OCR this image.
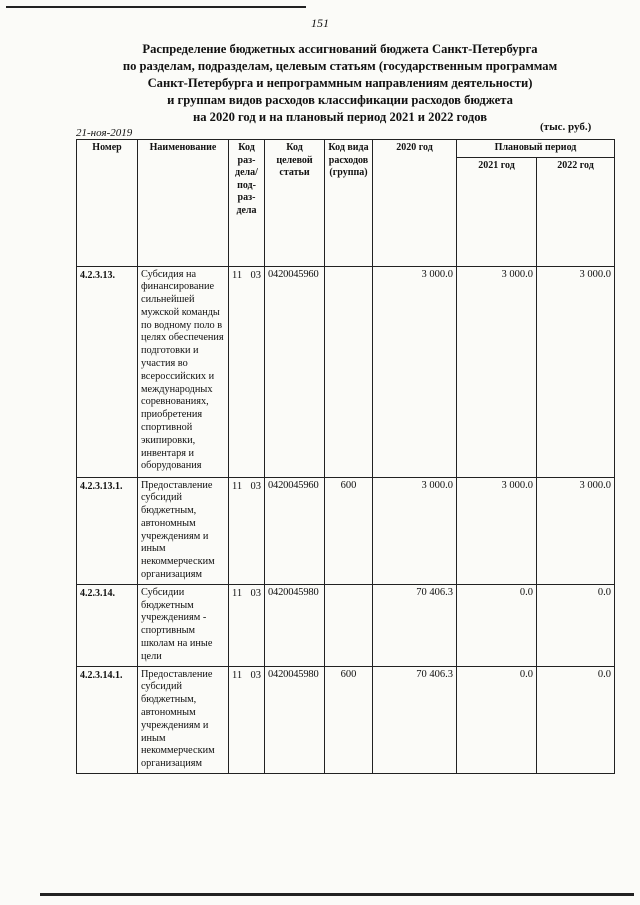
151
Распределение бюджетных ассигнований бюджета Санкт-Петербурга
по разделам, подразделам, целевым статьям (государственным программам
Санкт-Петербурга и непрограммным направлениям деятельности)
и группам видов расходов классификации расходов бюджета
на 2020 год и на плановый период 2021 и 2022 годов
21-ноя-2019	(тыс. руб.)
Номер	Наименование	Код раз-дела/ под-раз-дела	Код целевой статьи	Код вида расходов (группа)	2020 год	Плановый период	
						2021 год	2022 год
4.2.3.13.	Субсидия на финансирование сильнейшей мужской команды по водному поло в целях обеспечения подготовки и участия во всероссийских и международных соревнованиях, приобретения спортивной экипировки, инвентаря и оборудования	11 03	0420045960		3 000.0	3 000.0	3 000.0
4.2.3.13.1.	Предоставление субсидий бюджетным, автономным учреждениям и иным некоммерческим организациям	11 03	0420045960	600	3 000.0	3 000.0	3 000.0
4.2.3.14.	Субсидии бюджетным учреждениям - спортивным школам на иные цели	11 03	0420045980		70 406.3	0.0	0.0
4.2.3.14.1.	Предоставление субсидий бюджетным, автономным учреждениям и иным некоммерческим организациям	11 03	0420045980	600	70 406.3	0.0	0.0
